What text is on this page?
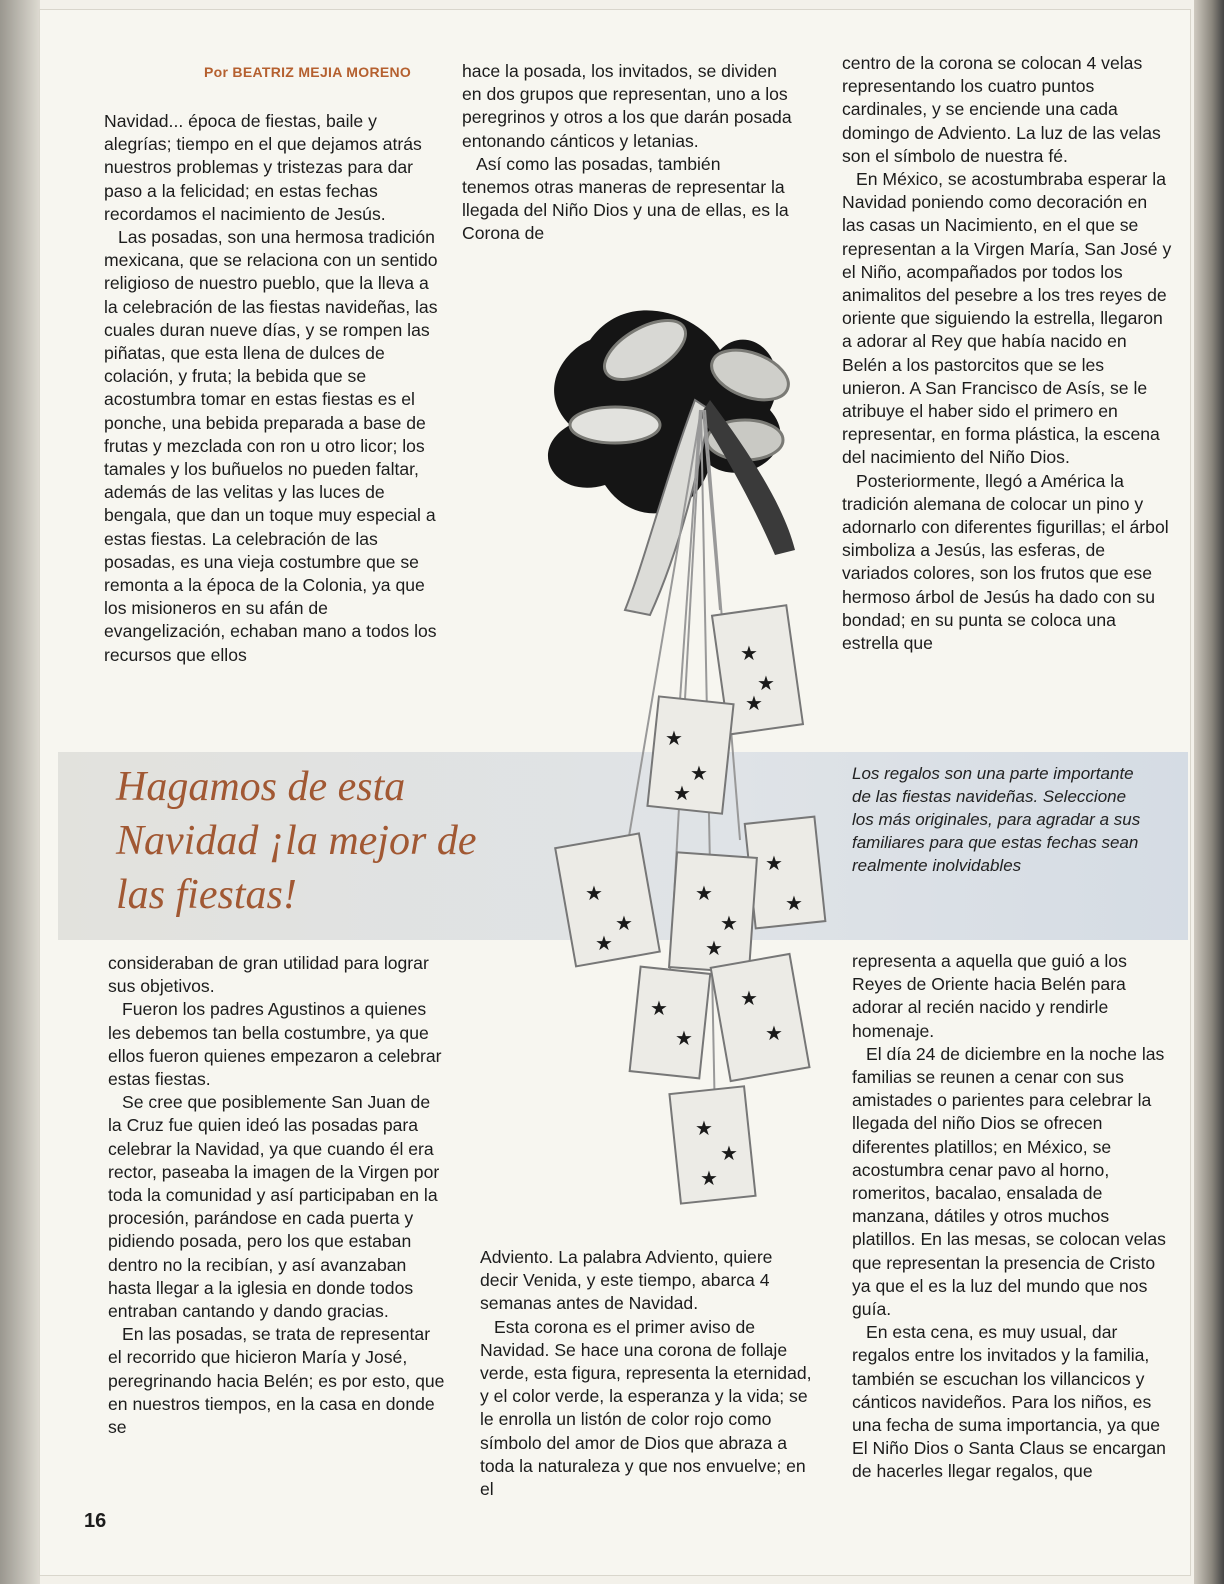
Por BEATRIZ MEJIA MORENO

Navidad... época de fiestas, baile y alegrías; tiempo en el que dejamos atrás nuestros problemas y tristezas para dar paso a la felicidad; en estas fechas recordamos el nacimiento de Jesús.

Las posadas, son una hermosa tradición mexicana, que se relaciona con un sentido religioso de nuestro pueblo, que la lleva a la celebración de las fiestas navideñas, las cuales duran nueve días, y se rompen las piñatas, que esta llena de dulces de colación, y fruta; la bebida que se acostumbra tomar en estas fiestas es el ponche, una bebida preparada a base de frutas y mezclada con ron u otro licor; los tamales y los buñuelos no pueden faltar, además de las velitas y las luces de bengala, que dan un toque muy especial a estas fiestas. La celebración de las posadas, es una vieja costumbre que se remonta a la época de la Colonia, ya que los misioneros en su afán de evangelización, echaban mano a todos los recursos que ellos

hace la posada, los invitados, se dividen en dos grupos que representan, uno a los peregrinos y otros a los que darán posada entonando cánticos y letanias.

Así como las posadas, también tenemos otras maneras de representar la llegada del Niño Dios y una de ellas, es la Corona de

centro de la corona se colocan 4 velas representando los cuatro puntos cardinales, y se enciende una cada domingo de Adviento. La luz de las velas son el símbolo de nuestra fé.

En México, se acostumbraba esperar la Navidad poniendo como decoración en las casas un Nacimiento, en el que se representan a la Virgen María, San José y el Niño, acompañados por todos los animalitos del pesebre a los tres reyes de oriente que siguiendo la estrella, llegaron a adorar al Rey que había nacido en Belén a los pastorcitos que se les unieron. A San Francisco de Asís, se le atribuye el haber sido el primero en representar, en forma plástica, la escena del nacimiento del Niño Dios.

Posteriormente, llegó a América la tradición alemana de colocar un pino y adornarlo con diferentes figurillas; el árbol simboliza a Jesús, las esferas, de variados colores, son los frutos que ese hermoso árbol de Jesús ha dado con su bondad; en su punta se coloca una estrella que

Hagamos de esta Navidad ¡la mejor de las fiestas!
Los regalos son una parte importante de las fiestas navideñas. Seleccione los más originales, para agradar a sus familiares para que estas fechas sean realmente inolvidables
★
★
★
★
★
★
★
★
★
★
★
★
★
★
★
★
★
★
★
★
★

consideraban de gran utilidad para lograr sus objetivos.

Fueron los padres Agustinos a quienes les debemos tan bella costumbre, ya que ellos fueron quienes empezaron a celebrar estas fiestas.

Se cree que posiblemente San Juan de la Cruz fue quien ideó las posadas para celebrar la Navidad, ya que cuando él era rector, paseaba la imagen de la Virgen por toda la comunidad y así participaban en la procesión, parándose en cada puerta y pidiendo posada, pero los que estaban dentro no la recibían, y así avanzaban hasta llegar a la iglesia en donde todos entraban cantando y dando gracias.

En las posadas, se trata de representar el recorrido que hicieron María y José, peregrinando hacia Belén; es por esto, que en nuestros tiempos, en la casa en donde se

Adviento. La palabra Adviento, quiere decir Venida, y este tiempo, abarca 4 semanas antes de Navidad.

Esta corona es el primer aviso de Navidad. Se hace una corona de follaje verde, esta figura, representa la eternidad, y el color verde, la esperanza y la vida; se le enrolla un listón de color rojo como símbolo del amor de Dios que abraza a toda la naturaleza y que nos envuelve; en el

representa a aquella que guió a los Reyes de Oriente hacia Belén para adorar al recién nacido y rendirle homenaje.

El día 24 de diciembre en la noche las familias se reunen a cenar con sus amistades o parientes para celebrar la llegada del niño Dios se ofrecen diferentes platillos; en México, se acostumbra cenar pavo al horno, romeritos, bacalao, ensalada de manzana, dátiles y otros muchos platillos. En las mesas, se colocan velas que representan la presencia de Cristo ya que el es la luz del mundo que nos guía.

En esta cena, es muy usual, dar regalos entre los invitados y la familia, también se escuchan los villancicos y cánticos navideños. Para los niños, es una fecha de suma importancia, ya que El Niño Dios o Santa Claus se encargan de hacerles llegar regalos, que

16
